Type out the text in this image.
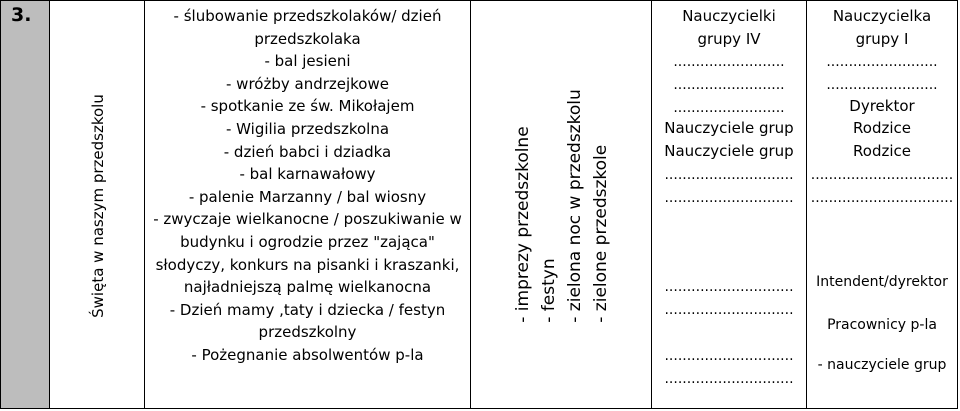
3.
Święta w naszym przedszkolu
- ślubowanie przedszkolaków/ dzień
przedszkolaka
- bal jesieni
- wróżby andrzejkowe
- spotkanie ze św. Mikołajem
- Wigilia przedszkolna
- dzień babci i dziadka
- bal karnawałowy
- palenie Marzanny / bal wiosny
- zwyczaje wielkanocne / poszukiwanie w
budynku i ogrodzie przez "zająca"
słodyczy, konkurs na pisanki i kraszanki,
najładniejszą palmę wielkanocna
- Dzień mamy ,taty i dziecka / festyn
przedszkolny
- Pożegnanie absolwentów p-la
- imprezy przedszkolne - festyn - zielona noc w przedszkolu - zielone przedszkole
Nauczycielki
grupy IV
.........................
.........................
.........................
Nauczyciele grup
Nauczyciele grup
.............................
.............................
.............................
.............................
.............................
.............................
Nauczycielka
grupy I
.........................
.........................
Dyrektor
Rodzice
Rodzice
................................
................................
Intendent/dyrektor
Pracownicy p-la
- nauczyciele grup
